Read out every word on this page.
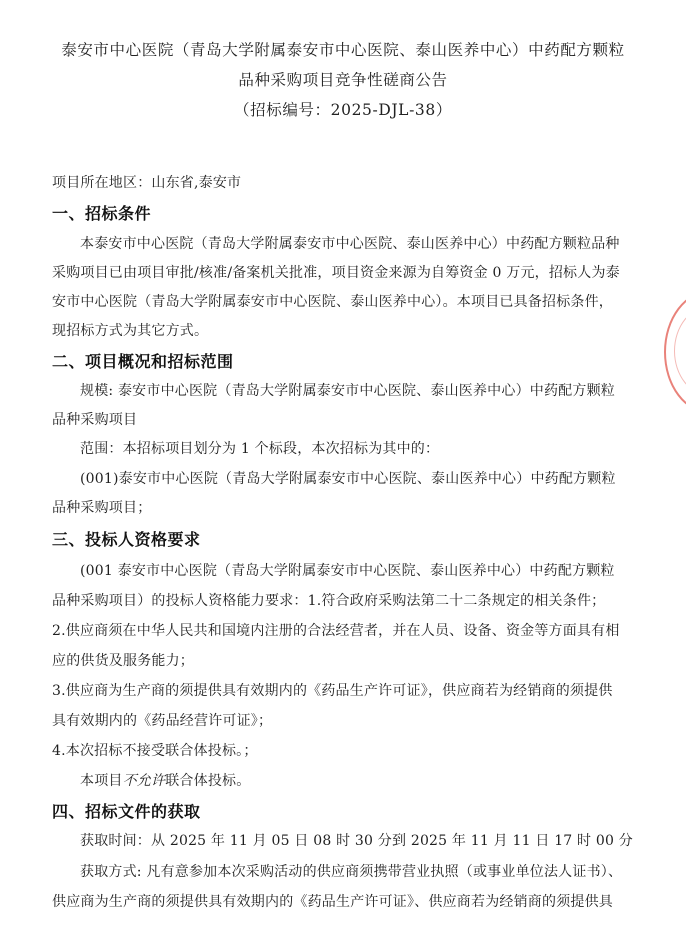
泰安市中心医院（青岛大学附属泰安市中心医院、泰山医养中心）中药配方颗粒
品种采购项目竞争性磋商公告
（招标编号：2025-DJL-38）
项目所在地区：山东省,泰安市
一、招标条件
本泰安市中心医院（青岛大学附属泰安市中心医院、泰山医养中心）中药配方颗粒品种
采购项目已由项目审批/核准/备案机关批准，项目资金来源为自筹资金 0 万元，招标人为泰
安市中心医院（青岛大学附属泰安市中心医院、泰山医养中心）。本项目已具备招标条件，
现招标方式为其它方式。
二、项目概况和招标范围
规模: 泰安市中心医院（青岛大学附属泰安市中心医院、泰山医养中心）中药配方颗粒
品种采购项目
范围：本招标项目划分为 1 个标段，本次招标为其中的：
(001)泰安市中心医院（青岛大学附属泰安市中心医院、泰山医养中心）中药配方颗粒
品种采购项目；
三、投标人资格要求
(001 泰安市中心医院（青岛大学附属泰安市中心医院、泰山医养中心）中药配方颗粒
品种采购项目）的投标人资格能力要求：1.符合政府采购法第二十二条规定的相关条件；
2.供应商须在中华人民共和国境内注册的合法经营者，并在人员、设备、资金等方面具有相
应的供货及服务能力；
3.供应商为生产商的须提供具有效期内的《药品生产许可证》，供应商若为经销商的须提供
具有效期内的《药品经营许可证》；
4.本次招标不接受联合体投标。；
本项目不允许联合体投标。
四、招标文件的获取
获取时间：从 2025 年 11 月 05 日 08 时 30 分到 2025 年 11 月 11 日 17 时 00 分
获取方式: 凡有意参加本次采购活动的供应商须携带营业执照（或事业单位法人证书）、
供应商为生产商的须提供具有效期内的《药品生产许可证》、供应商若为经销商的须提供具
